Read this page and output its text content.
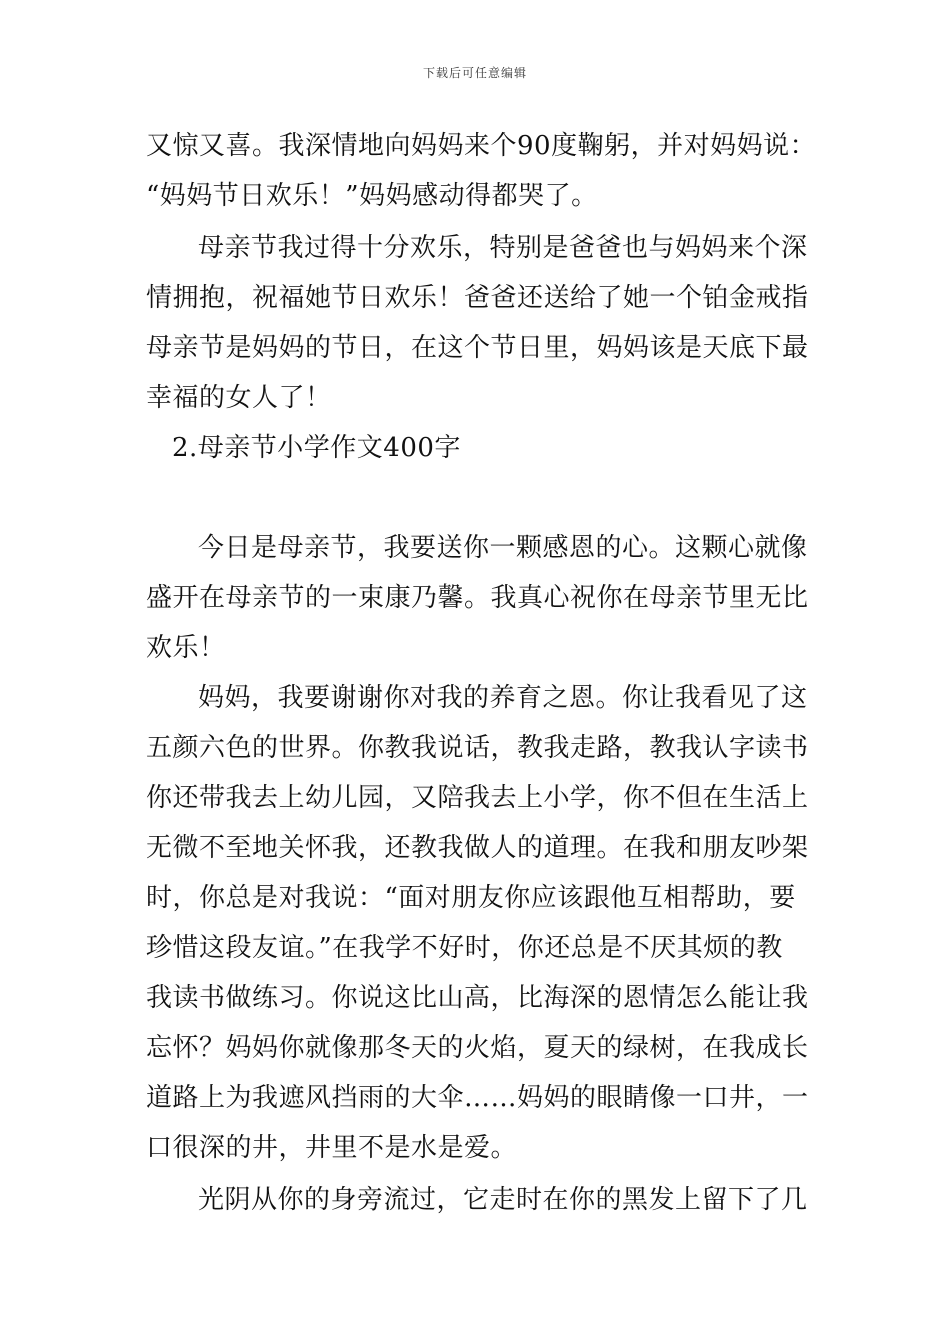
下载后可任意编辑
又惊又喜。我深情地向妈妈来个90度鞠躬，并对妈妈说：
“妈妈节日欢乐！”妈妈感动得都哭了。
母亲节我过得十分欢乐，特别是爸爸也与妈妈来个深
情拥抱，祝福她节日欢乐！爸爸还送给了她一个铂金戒指
母亲节是妈妈的节日，在这个节日里，妈妈该是天底下最
幸福的女人了！
2.母亲节小学作文400字
今日是母亲节，我要送你一颗感恩的心。这颗心就像
盛开在母亲节的一束康乃馨。我真心祝你在母亲节里无比
欢乐！
妈妈，我要谢谢你对我的养育之恩。你让我看见了这
五颜六色的世界。你教我说话，教我走路，教我认字读书
你还带我去上幼儿园，又陪我去上小学，你不但在生活上
无微不至地关怀我，还教我做人的道理。在我和朋友吵架
时，你总是对我说：“面对朋友你应该跟他互相帮助，要
珍惜这段友谊。”在我学不好时，你还总是不厌其烦的教
我读书做练习。你说这比山高，比海深的恩情怎么能让我
忘怀？妈妈你就像那冬天的火焰，夏天的绿树，在我成长
道路上为我遮风挡雨的大伞……妈妈的眼睛像一口井，一
口很深的井，井里不是水是爱。
光阴从你的身旁流过，它走时在你的黑发上留下了几
